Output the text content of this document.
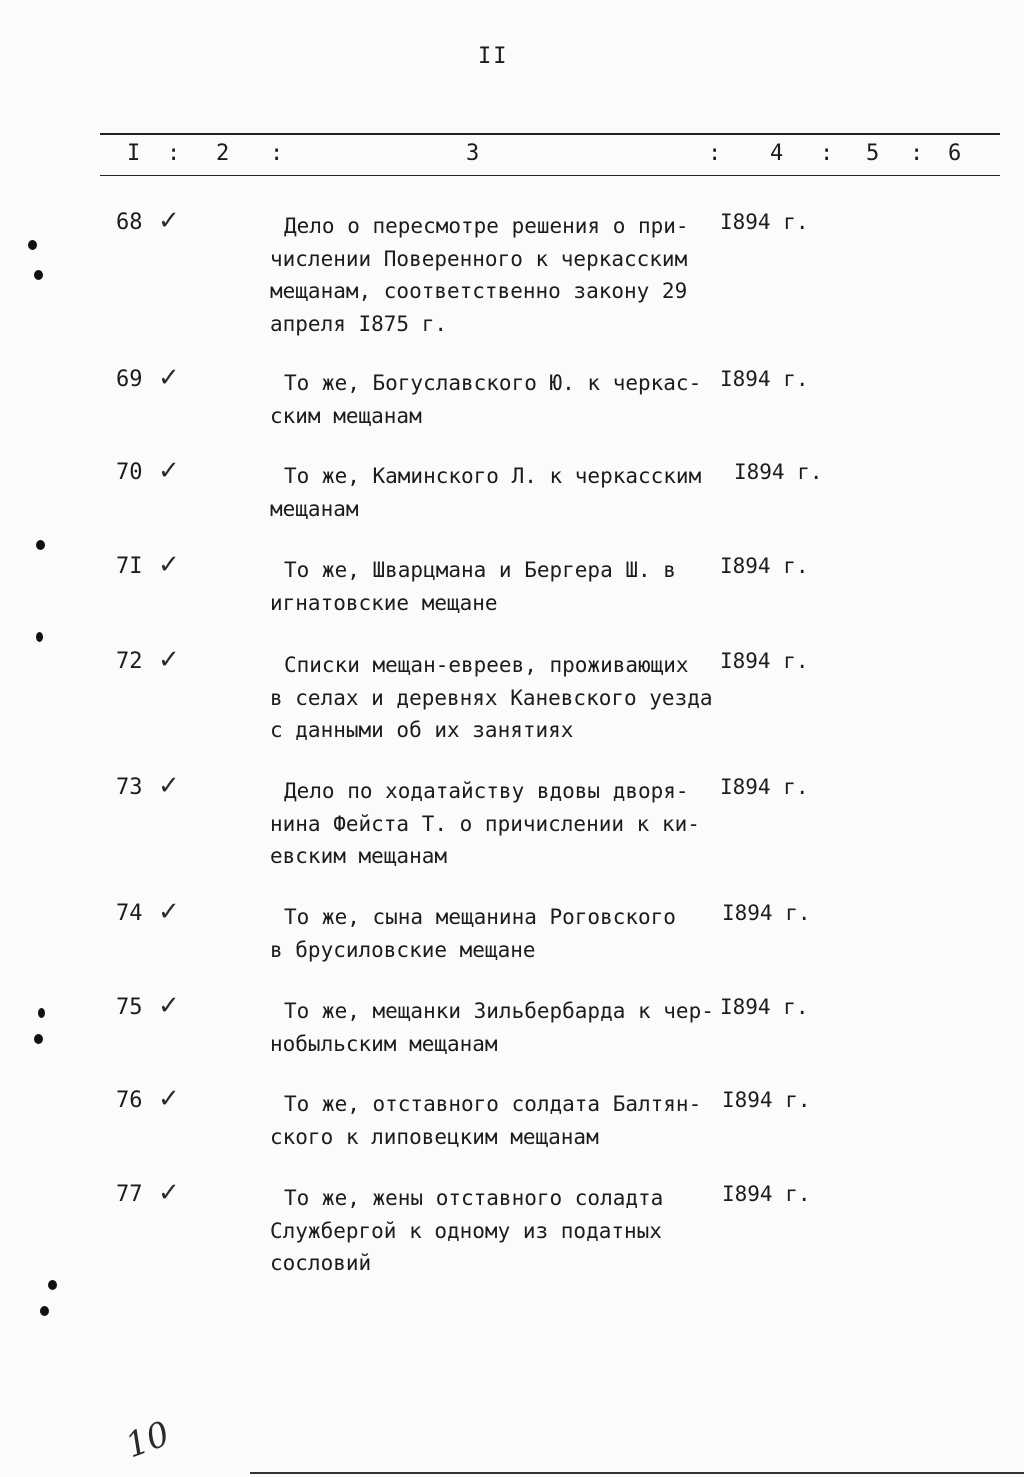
II
I : 2 :	3	: 4 : 5 : 6
68 ✓	Дело о пересмотре решения о при-
числении Поверенного к черкасским
мещанам, соответственно закону 29
апреля I875 г.
I894 г.
69 ✓	То же, Богуславского Ю. к черкас-
ским мещанам
I894 г.
70 ✓	То же, Каминского Л. к черкасским
мещанам
I894 г.
7I ✓	То же, Шварцмана и Бергера Ш. в
игнатовские мещане
I894 г.
72 ✓	Списки мещан-евреев, проживающих
в селах и деревнях Каневского уезда
с данными об их занятиях
I894 г.
73 ✓	Дело по ходатайству вдовы дворя-
нина Фейста Т. о причислении к ки-
евским мещанам
I894 г.
74 ✓	То же, сына мещанина Роговского
в брусиловские мещане
I894 г.
75 ✓	То же, мещанки Зильбербарда к чер-
нобыльским мещанам
I894 г.
76 ✓	То же, отставного солдата Балтян-
ского к липовецким мещанам
I894 г.
77 ✓	То же, жены отставного соладта
Службергой к одному из податных
сословий
I894 г.
10
